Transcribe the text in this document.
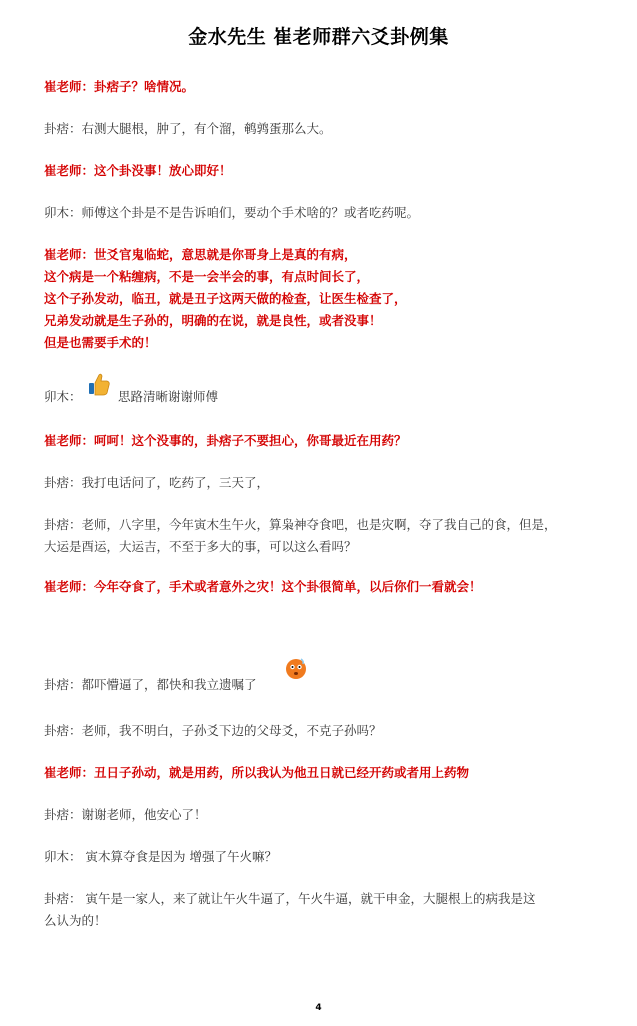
金水先生 崔老师群六爻卦例集
崔老师：卦痞子？啥情况。
卦痞：右测大腿根，肿了，有个溜，鹌鹑蛋那么大。
崔老师：这个卦没事！放心即好！
卯木：师傅这个卦是不是告诉咱们，要动个手术啥的？或者吃药呢。
崔老师：世爻官鬼临蛇，意思就是你哥身上是真的有病，
这个病是一个粘缠病，不是一会半会的事，有点时间长了，
这个子孙发动，临丑，就是丑子这两天做的检查，让医生检查了，
兄弟发动就是生子孙的，明确的在说，就是良性，或者没事！
但是也需要手术的！
卯木：	思路清晰谢谢师傅
崔老师：呵呵！这个没事的，卦痞子不要担心，你哥最近在用药？
卦痞：我打电话问了，吃药了，三天了，
卦痞：老师，八字里，今年寅木生午火，算枭神夺食吧，也是灾啊，夺了我自己的食，但是，
大运是酉运，大运吉，不至于多大的事，可以这么看吗？
崔老师：今年夺食了，手术或者意外之灾！这个卦很简单，以后你们一看就会！
卦痞：都吓懵逼了，都快和我立遗嘱了
卦痞：老师，我不明白，子孙爻下边的父母爻，不克子孙吗？
崔老师：丑日子孙动，就是用药，所以我认为他丑日就已经开药或者用上药物
卦痞：谢谢老师，他安心了！
卯木： 寅木算夺食是因为 增强了午火嘛？
卦痞： 寅午是一家人，来了就让午火牛逼了，午火牛逼，就干申金，大腿根上的病我是这
么认为的！
4
